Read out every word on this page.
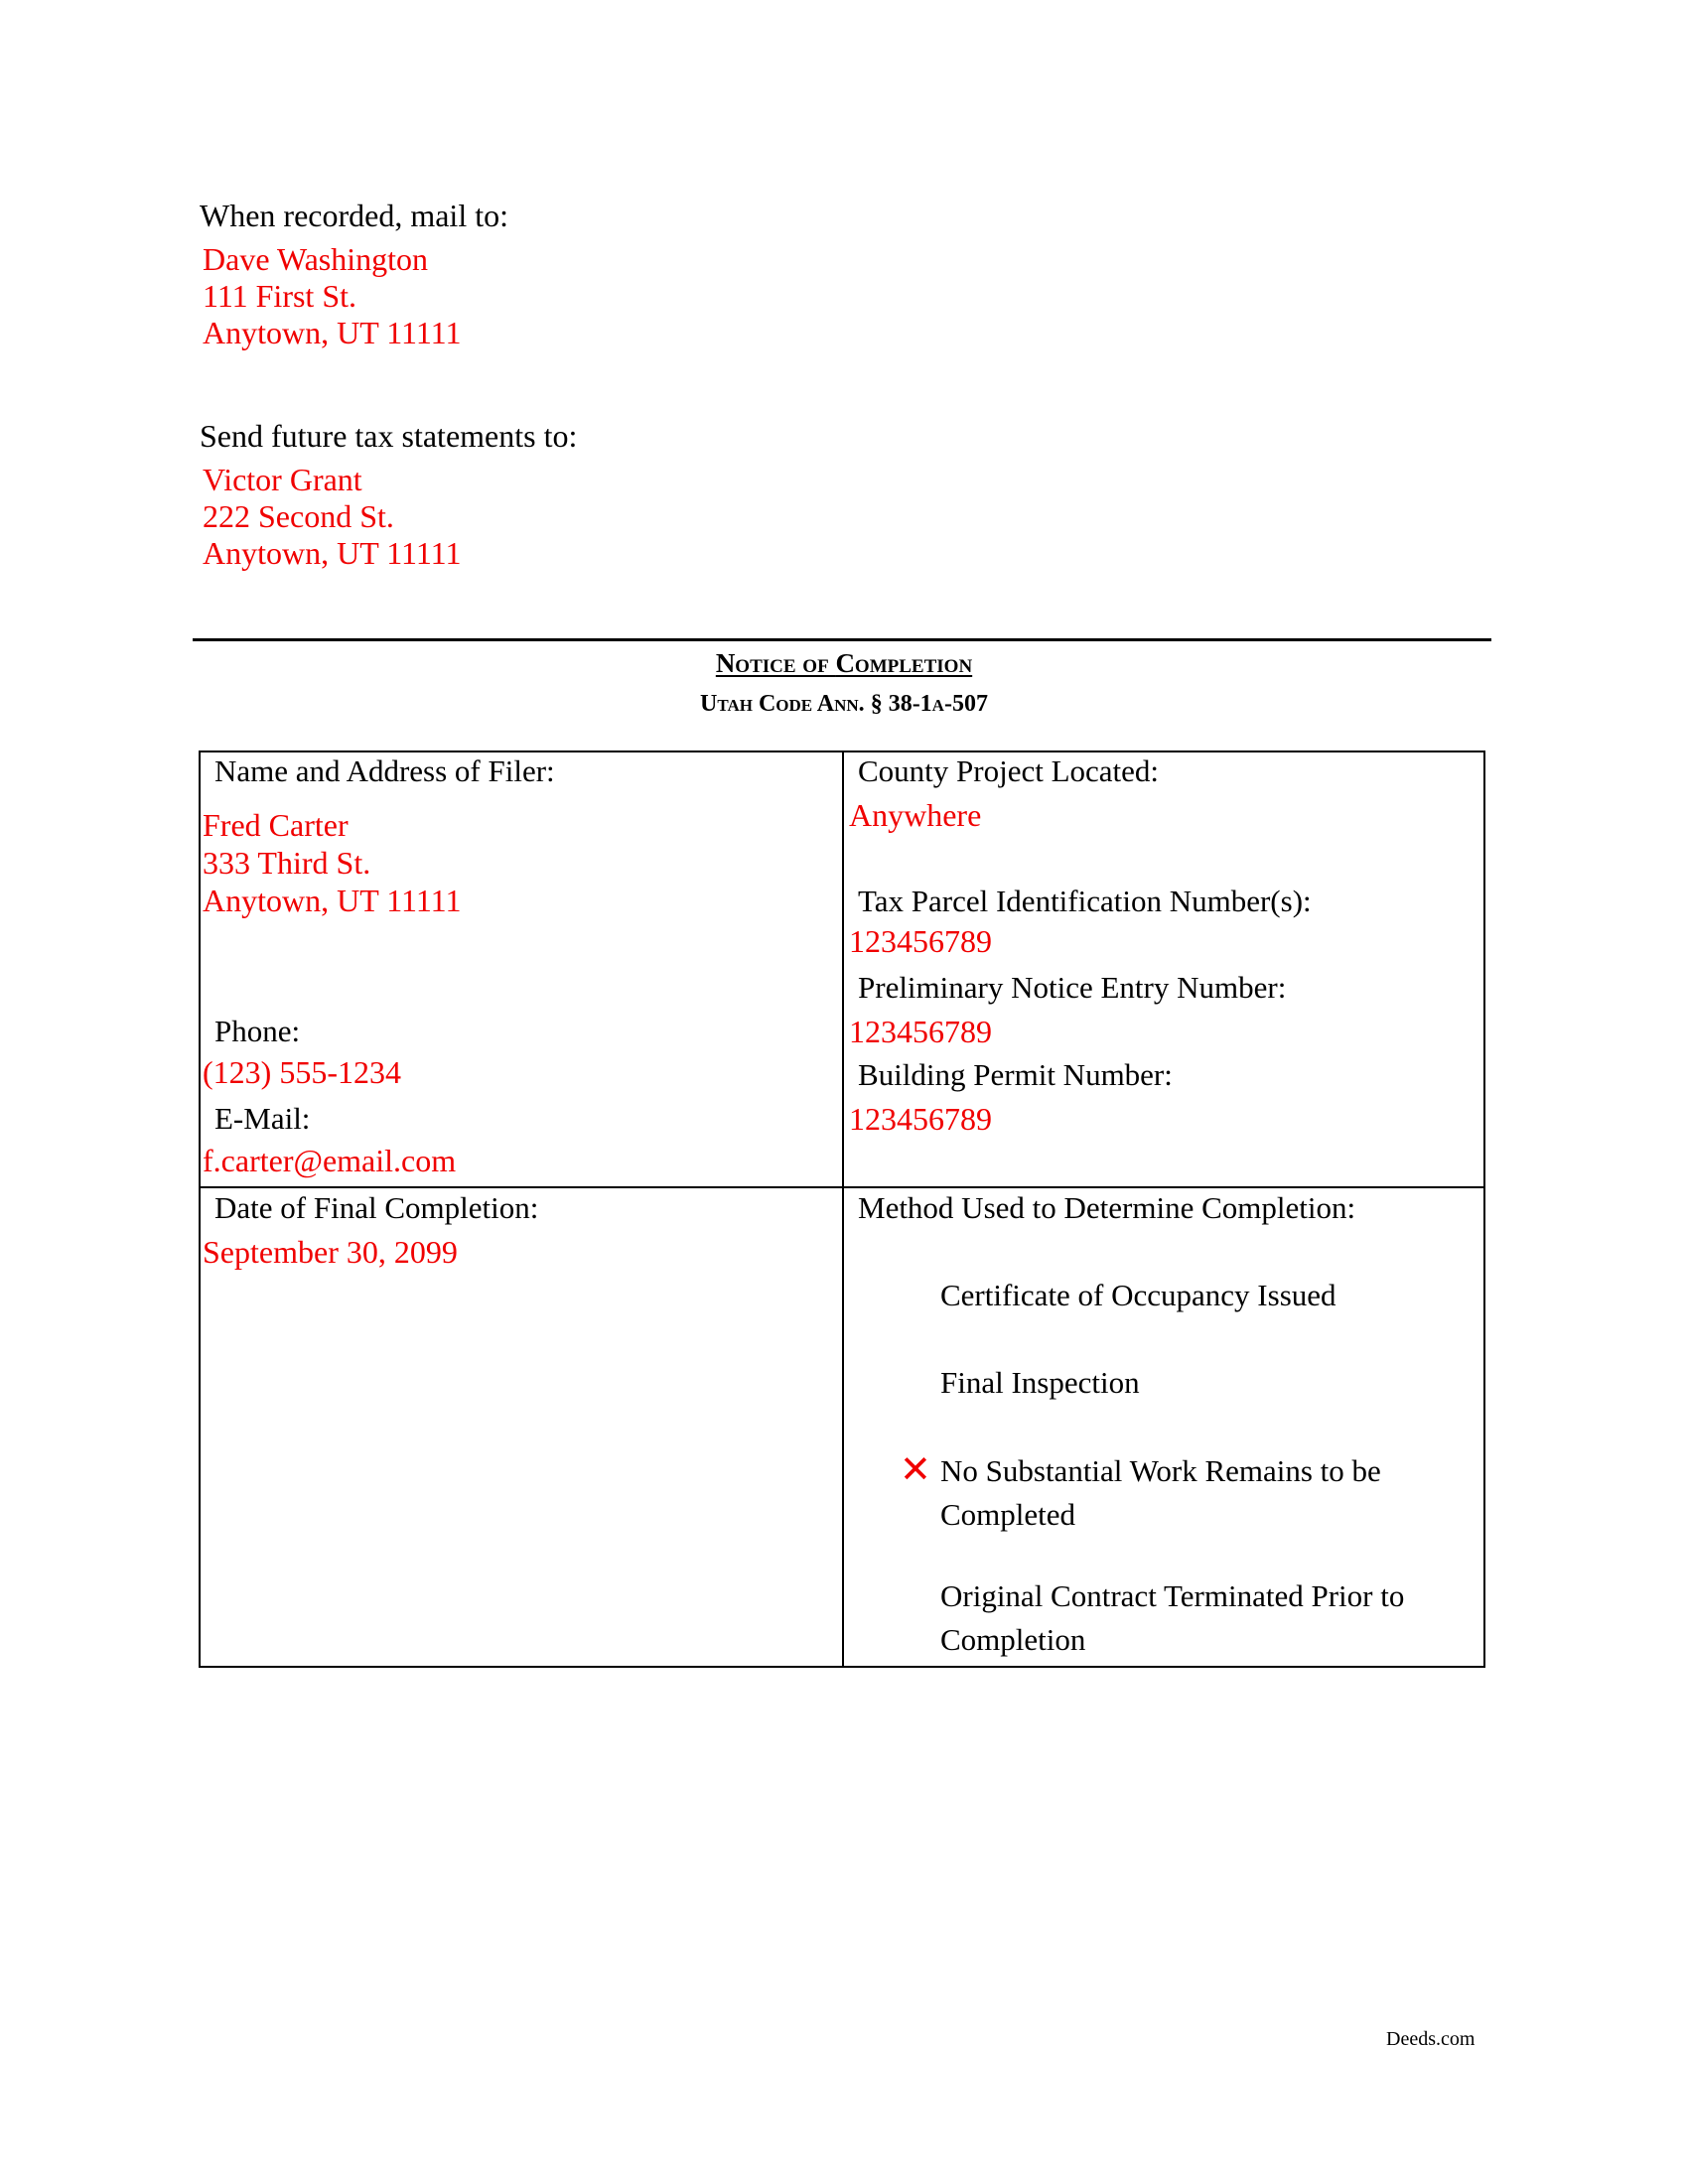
When recorded, mail to:
Dave Washington
111 First St.
Anytown, UT 11111
Send future tax statements to:
Victor Grant
222 Second St.
Anytown, UT 11111
Notice of Completion
Utah Code Ann. § 38-1a-507
Name and Address of Filer:
Fred Carter
333 Third St.
Anytown, UT 11111
Phone:
(123) 555-1234
E-Mail:
f.carter@email.com
County Project Located:
Anywhere
Tax Parcel Identification Number(s):
123456789
Preliminary Notice Entry Number:
123456789
Building Permit Number:
123456789
Date of Final Completion:
September 30, 2099
Method Used to Determine Completion:
Certificate of Occupancy Issued
Final Inspection
✕ No Substantial Work Remains to be Completed
Original Contract Terminated Prior to Completion
Deeds.com
